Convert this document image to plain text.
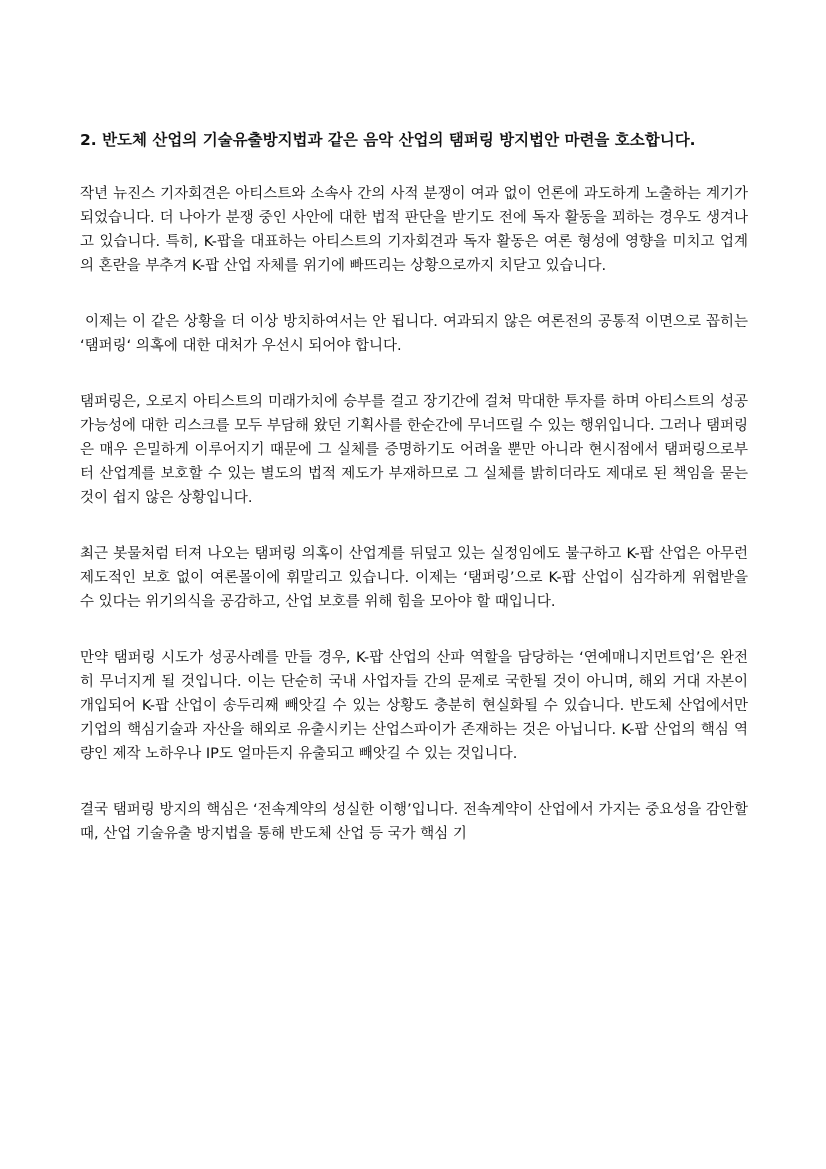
2. 반도체 산업의 기술유출방지법과 같은 음악 산업의 탬퍼링 방지법안 마련을 호소합니다.

작년 뉴진스 기자회견은 아티스트와 소속사 간의 사적 분쟁이 여과 없이 언론에 과도하게 노출하는 계기가 되었습니다. 더 나아가 분쟁 중인 사안에 대한 법적 판단을 받기도 전에 독자 활동을 꾀하는 경우도 생겨나고 있습니다. 특히, K-팝을 대표하는 아티스트의 기자회견과 독자 활동은 여론 형성에 영향을 미치고 업계의 혼란을 부추겨 K-팝 산업 자체를 위기에 빠뜨리는 상황으로까지 치닫고 있습니다.

이제는 이 같은 상황을 더 이상 방치하여서는 안 됩니다. 여과되지 않은 여론전의 공통적 이면으로 꼽히는 ‘탬퍼링‘ 의혹에 대한 대처가 우선시 되어야 합니다.

탬퍼링은, 오로지 아티스트의 미래가치에 승부를 걸고 장기간에 걸쳐 막대한 투자를 하며 아티스트의 성공 가능성에 대한 리스크를 모두 부담해 왔던 기획사를 한순간에 무너뜨릴 수 있는 행위입니다. 그러나 탬퍼링은 매우 은밀하게 이루어지기 때문에 그 실체를 증명하기도 어려울 뿐만 아니라 현시점에서 탬퍼링으로부터 산업계를 보호할 수 있는 별도의 법적 제도가 부재하므로 그 실체를 밝히더라도 제대로 된 책임을 묻는 것이 쉽지 않은 상황입니다.

최근 봇물처럼 터져 나오는 탬퍼링 의혹이 산업계를 뒤덮고 있는 실정임에도 불구하고 K-팝 산업은 아무런 제도적인 보호 없이 여론몰이에 휘말리고 있습니다. 이제는 ‘탬퍼링’으로 K-팝 산업이 심각하게 위협받을 수 있다는 위기의식을 공감하고, 산업 보호를 위해 힘을 모아야 할 때입니다.

만약 탬퍼링 시도가 성공사례를 만들 경우, K-팝 산업의 산파 역할을 담당하는 ‘연예매니지먼트업’은 완전히 무너지게 될 것입니다. 이는 단순히 국내 사업자들 간의 문제로 국한될 것이 아니며, 해외 거대 자본이 개입되어 K-팝 산업이 송두리째 빼앗길 수 있는 상황도 충분히 현실화될 수 있습니다. 반도체 산업에서만 기업의 핵심기술과 자산을 해외로 유출시키는 산업스파이가 존재하는 것은 아닙니다. K-팝 산업의 핵심 역량인 제작 노하우나 IP도 얼마든지 유출되고 빼앗길 수 있는 것입니다.

결국 탬퍼링 방지의 핵심은 ‘전속계약의 성실한 이행’입니다. 전속계약이 산업에서 가지는 중요성을 감안할 때, 산업 기술유출 방지법을 통해 반도체 산업 등 국가 핵심 기
